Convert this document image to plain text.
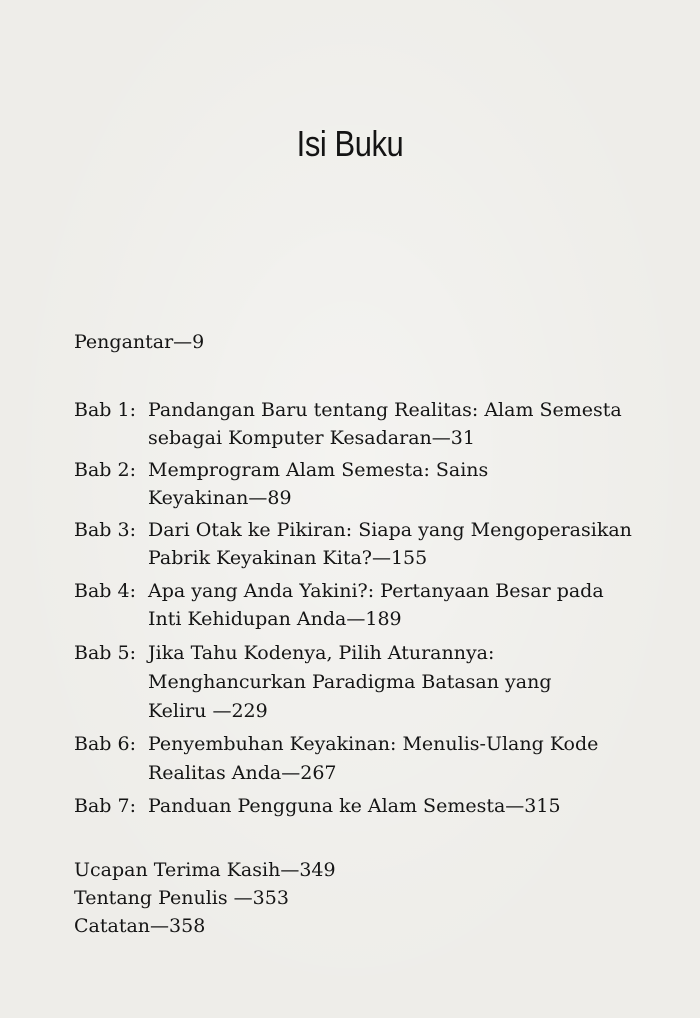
Isi Buku
Pengantar—9
Bab 1: Pandangan Baru tentang Realitas: Alam Semesta
sebagai Komputer Kesadaran—31
Bab 2: Memprogram Alam Semesta: Sains
Keyakinan—89
Bab 3: Dari Otak ke Pikiran: Siapa yang Mengoperasikan
Pabrik Keyakinan Kita?—155
Bab 4: Apa yang Anda Yakini?: Pertanyaan Besar pada
Inti Kehidupan Anda—189
Bab 5: Jika Tahu Kodenya, Pilih Aturannya:
Menghancurkan Paradigma Batasan yang
Keliru —229
Bab 6: Penyembuhan Keyakinan: Menulis-Ulang Kode
Realitas Anda—267
Bab 7: Panduan Pengguna ke Alam Semesta—315
Ucapan Terima Kasih—349
Tentang Penulis —353
Catatan—358
